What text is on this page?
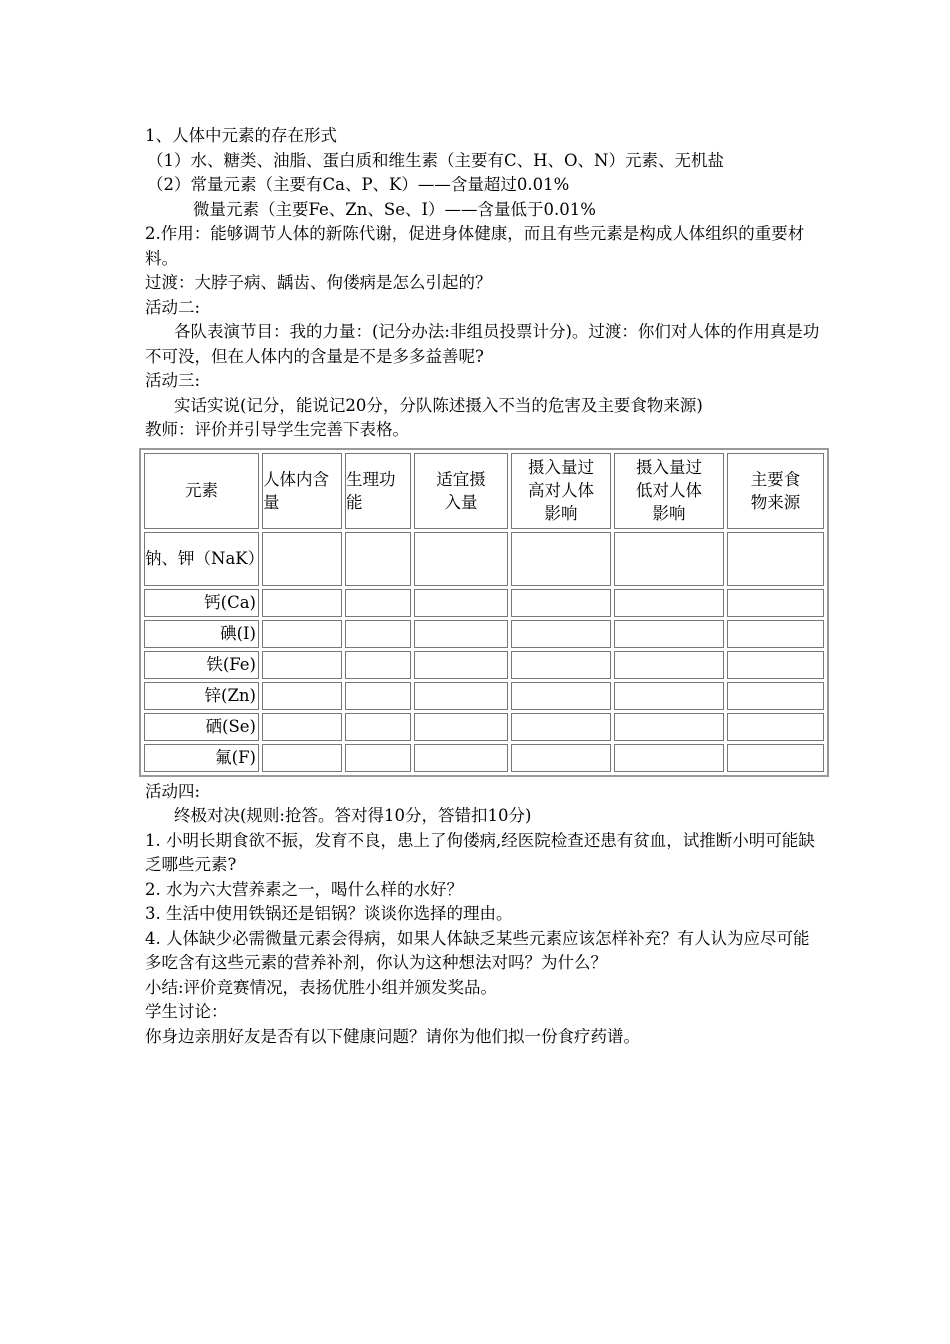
1、人体中元素的存在形式
（1）水、糖类、油脂、蛋白质和维生素（主要有C、H、O、N）元素、无机盐
（2）常量元素（主要有Ca、P、K）——含量超过0.01%
微量元素（主要Fe、Zn、Se、I）——含量低于0.01%
2.作用：能够调节人体的新陈代谢，促进身体健康，而且有些元素是构成人体组织的重要材料。
过渡：大脖子病、龋齿、佝偻病是怎么引起的？
活动二:
各队表演节目：我的力量：(记分办法:非组员投票计分)。过渡：你们对人体的作用真是功不可没，但在人体内的含量是不是多多益善呢?
活动三:
实话实说(记分，能说记20分，分队陈述摄入不当的危害及主要食物来源)
教师：评价并引导学生完善下表格。
元素	人体内含量	生理功能	适宜摄入量	摄入量过高对人体影响	摄入量过低对人体影响	主要食物来源

钠、钾（NaK）						
钙(Ca)						
碘(I)						
铁(Fe)						
锌(Zn)						
硒(Se)						
氟(F)						
活动四:
终极对决(规则:抢答。答对得10分，答错扣10分)
1. 小明长期食欲不振，发育不良，患上了佝偻病,经医院检查还患有贫血，试推断小明可能缺乏哪些元素?
2. 水为六大营养素之一，喝什么样的水好？
3. 生活中使用铁锅还是铝锅？谈谈你选择的理由。
4. 人体缺少必需微量元素会得病，如果人体缺乏某些元素应该怎样补充？有人认为应尽可能多吃含有这些元素的营养补剂，你认为这种想法对吗？为什么？
小结:评价竞赛情况，表扬优胜小组并颁发奖品。
学生讨论：
你身边亲朋好友是否有以下健康问题？请你为他们拟一份食疗药谱。
